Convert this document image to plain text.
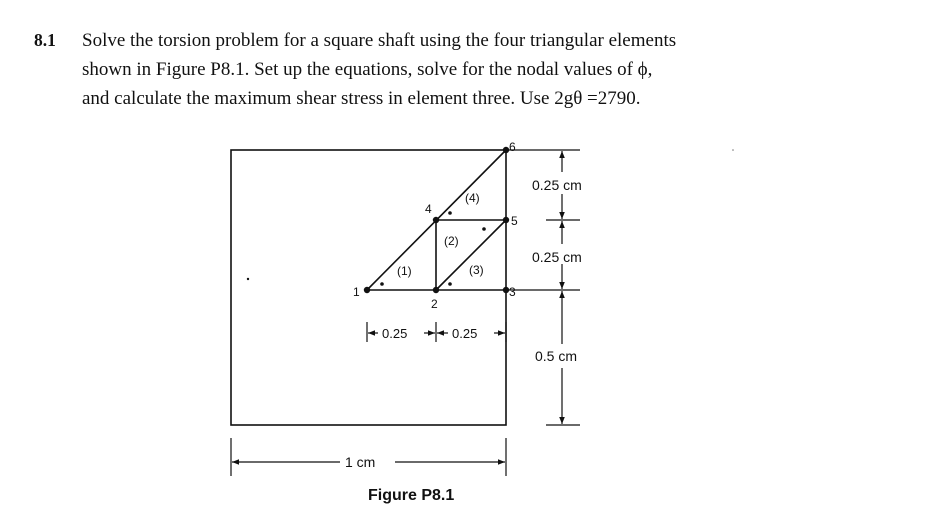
8.1 Solve the torsion problem for a square shaft using the four triangular elements
shown in Figure P8.1. Set up the equations, solve for the nodal values of ϕ,
and calculate the maximum shear stress in element three. Use 2gθ =2790.
1
2
3
4
5
6
(1)
(2)
(3)
(4)
0.25 cm
0.25 cm
0.5 cm
0.25	0.25
1 cm
Figure P8.1
